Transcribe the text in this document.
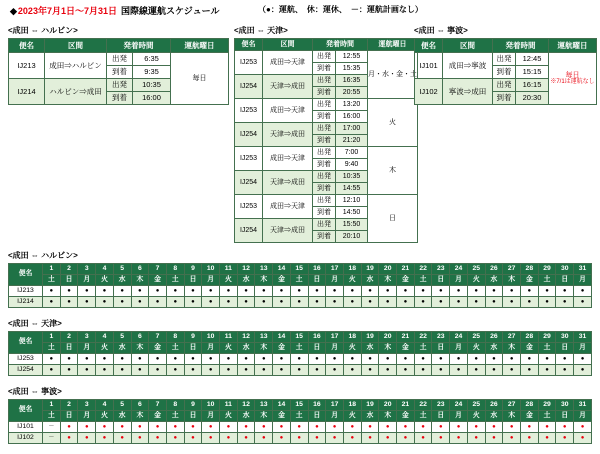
◆2023年7月1日～7月31日 国際線運航スケジュール	（●：運航、　休：運休、　－：運航計画なし）
<成田 ⇔ ハルビン>
便名	区間	発着時間		運航曜日
IJ213	成田⇒ハルビン	出発	6:35	毎日
		到着	9:35	
IJ214	ハルビン⇒成田	出発	10:35	
		到着	16:00	
<成田 ⇔ 天津>
便名	区間	発着時間		運航曜日
IJ253	成田⇒天津	出発	12:55	月・水・金・土
		到着	15:35	
IJ254	天津⇒成田	出発	16:35	
		到着	20:55	
IJ253	成田⇒天津	出発	13:20	火
		到着	16:00	
IJ254	天津⇒成田	出発	17:00	
		到着	21:20	
IJ253	成田⇒天津	出発	7:00	木
		到着	9:40	
IJ254	天津⇒成田	出発	10:35	
		到着	14:55	
IJ253	成田⇒天津	出発	12:10	日
		到着	14:50	
IJ254	天津⇒成田	出発	15:50	
		到着	20:10	
<成田 ⇔ 寧波>
便名	区間	発着時間		運航曜日
IJ101	成田⇒寧波	出発	12:45	毎日
※7/1は運航なし

		到着	15:15	
IJ102	寧波⇒成田	出発	16:15	
		到着	20:30	
<成田 ⇔ ハルビン>
便名	1	2	3	4	5	6	7	8	9	10	11	12	13	14	15	16	17	18	19	20	21	22	23	24	25	26	27	28	29	30	31
	土	日	月	火	水	木	金	土	日	月	火	水	木	金	土	日	月	火	水	木	金	土	日	月	火	水	木	金	土	日	月
IJ213	●	●	●	●	●	●	●	●	●	●	●	●	●	●	●	●	●	●	●	●	●	●	●	●	●	●	●	●	●	●	●
IJ214	●	●	●	●	●	●	●	●	●	●	●	●	●	●	●	●	●	●	●	●	●	●	●	●	●	●	●	●	●	●	●
<成田 ⇔ 天津>
便名	1	2	3	4	5	6	7	8	9	10	11	12	13	14	15	16	17	18	19	20	21	22	23	24	25	26	27	28	29	30	31
	土	日	月	火	水	木	金	土	日	月	火	水	木	金	土	日	月	火	水	木	金	土	日	月	火	水	木	金	土	日	月
IJ253	●	●	●	●	●	●	●	●	●	●	●	●	●	●	●	●	●	●	●	●	●	●	●	●	●	●	●	●	●	●	●
IJ254	●	●	●	●	●	●	●	●	●	●	●	●	●	●	●	●	●	●	●	●	●	●	●	●	●	●	●	●	●	●	●
<成田 ⇔ 寧波>
便名	1	2	3	4	5	6	7	8	9	10	11	12	13	14	15	16	17	18	19	20	21	22	23	24	25	26	27	28	29	30	31
	土	日	月	火	水	木	金	土	日	月	火	水	木	金	土	日	月	火	水	木	金	土	日	月	火	水	木	金	土	日	月
IJ101	－	●	●	●	●	●	●	●	●	●	●	●	●	●	●	●	●	●	●	●	●	●	●	●	●	●	●	●	●	●	●
IJ102	－	●	●	●	●	●	●	●	●	●	●	●	●	●	●	●	●	●	●	●	●	●	●	●	●	●	●	●	●	●	●
